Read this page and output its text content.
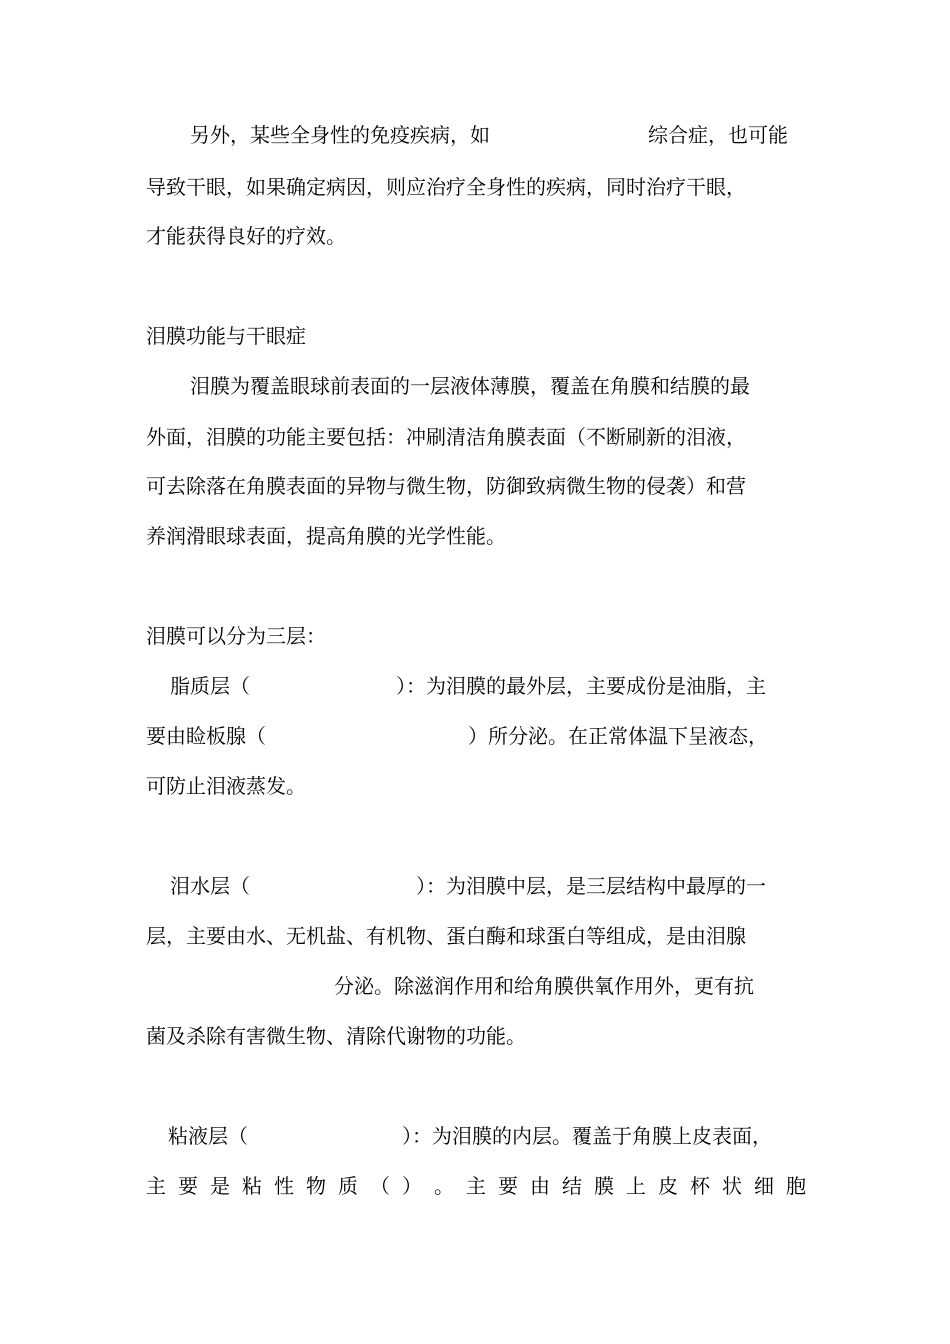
另外，某些全身性的免疫疾病，如	综合症，也可能
导致干眼，如果确定病因，则应治疗全身性的疾病，同时治疗干眼，
才能获得良好的疗效。
泪膜功能与干眼症
泪膜为覆盖眼球前表面的一层液体薄膜，覆盖在角膜和结膜的最
外面，泪膜的功能主要包括：冲刷清洁角膜表面（不断刷新的泪液，
可去除落在角膜表面的异物与微生物，防御致病微生物的侵袭）和营
养润滑眼球表面，提高角膜的光学性能。
泪膜可以分为三层：
脂质层（	）：为泪膜的最外层，主要成份是油脂，主
要由睑板腺（	）所分泌。在正常体温下呈液态，
可防止泪液蒸发。
泪水层（	）：为泪膜中层，是三层结构中最厚的一
层，主要由水、无机盐、有机物、蛋白酶和球蛋白等组成，是由泪腺
分泌。除滋润作用和给角膜供氧作用外，更有抗
菌及杀除有害微生物、清除代谢物的功能。
粘液层（	）：为泪膜的内层。覆盖于角膜上皮表面，
主 要 是 粘 性 物 质 （ ） 。 主 要 由 结 膜 上 皮 杯 状 细 胞
